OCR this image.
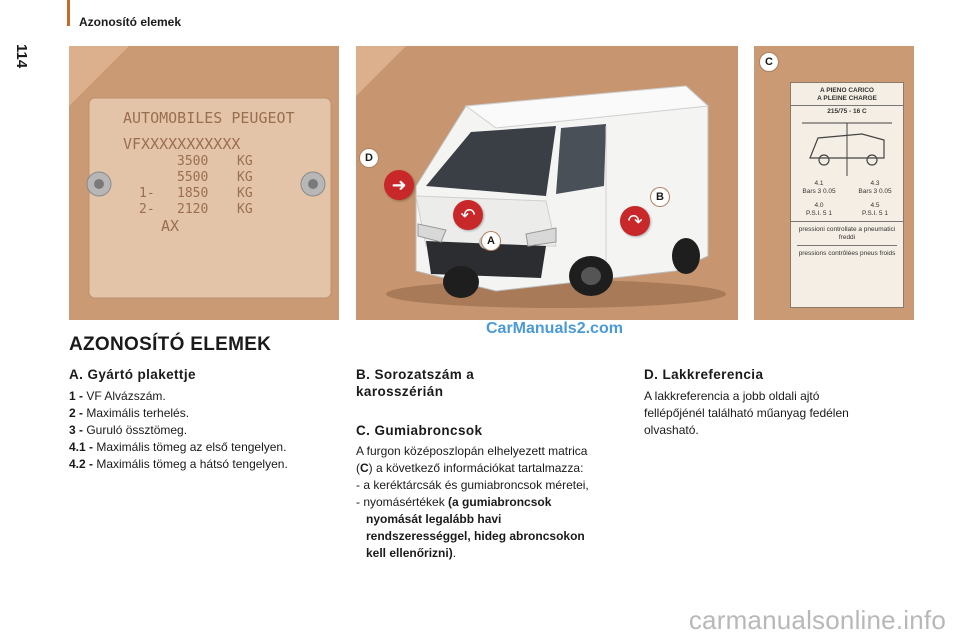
114
Azonosító elemek
AUTOMOBILES PEUGEOT
VFXXXXXXXXXXX
3500	KG
5500	KG
1-	1850	KG
2-	2120	KG
AX
➜
↶	↷
D
B
A
C
A PIENO CARICO
A PLEINE CHARGE
215/75 - 16 C
4.1	4.3
Bars 3 0.05	Bars 3 0.05
4.0	4.5
P.S.I. 5 1	P.S.I. 5 1
pressioni controllate a pneumatici freddi
pressions contrôlées pneus froids
CarManuals2.com
AZONOSÍTÓ ELEMEK
A. Gyártó plakettje
1 - VF Alvázszám.
2 - Maximális terhelés.
3 - Guruló össztömeg.
4.1 - Maximális tömeg az első tengelyen.
4.2 - Maximális tömeg a hátsó tengelyen.
B. Sorozatszám a
karosszérián
C. Gumiabroncsok
A furgon középoszlopán elhelyezett matrica
(C) a következő információkat tartalmazza:
- a keréktárcsák és gumiabroncsok méretei,
- nyomásértékek (a gumiabroncsok
nyomását legalább havi
rendszerességgel, hideg abroncsokon
kell ellenőrizni).
D. Lakkreferencia
A lakkreferencia a jobb oldali ajtó
fellépőjénél található műanyag fedélen
olvasható.
carmanualsonline.info
